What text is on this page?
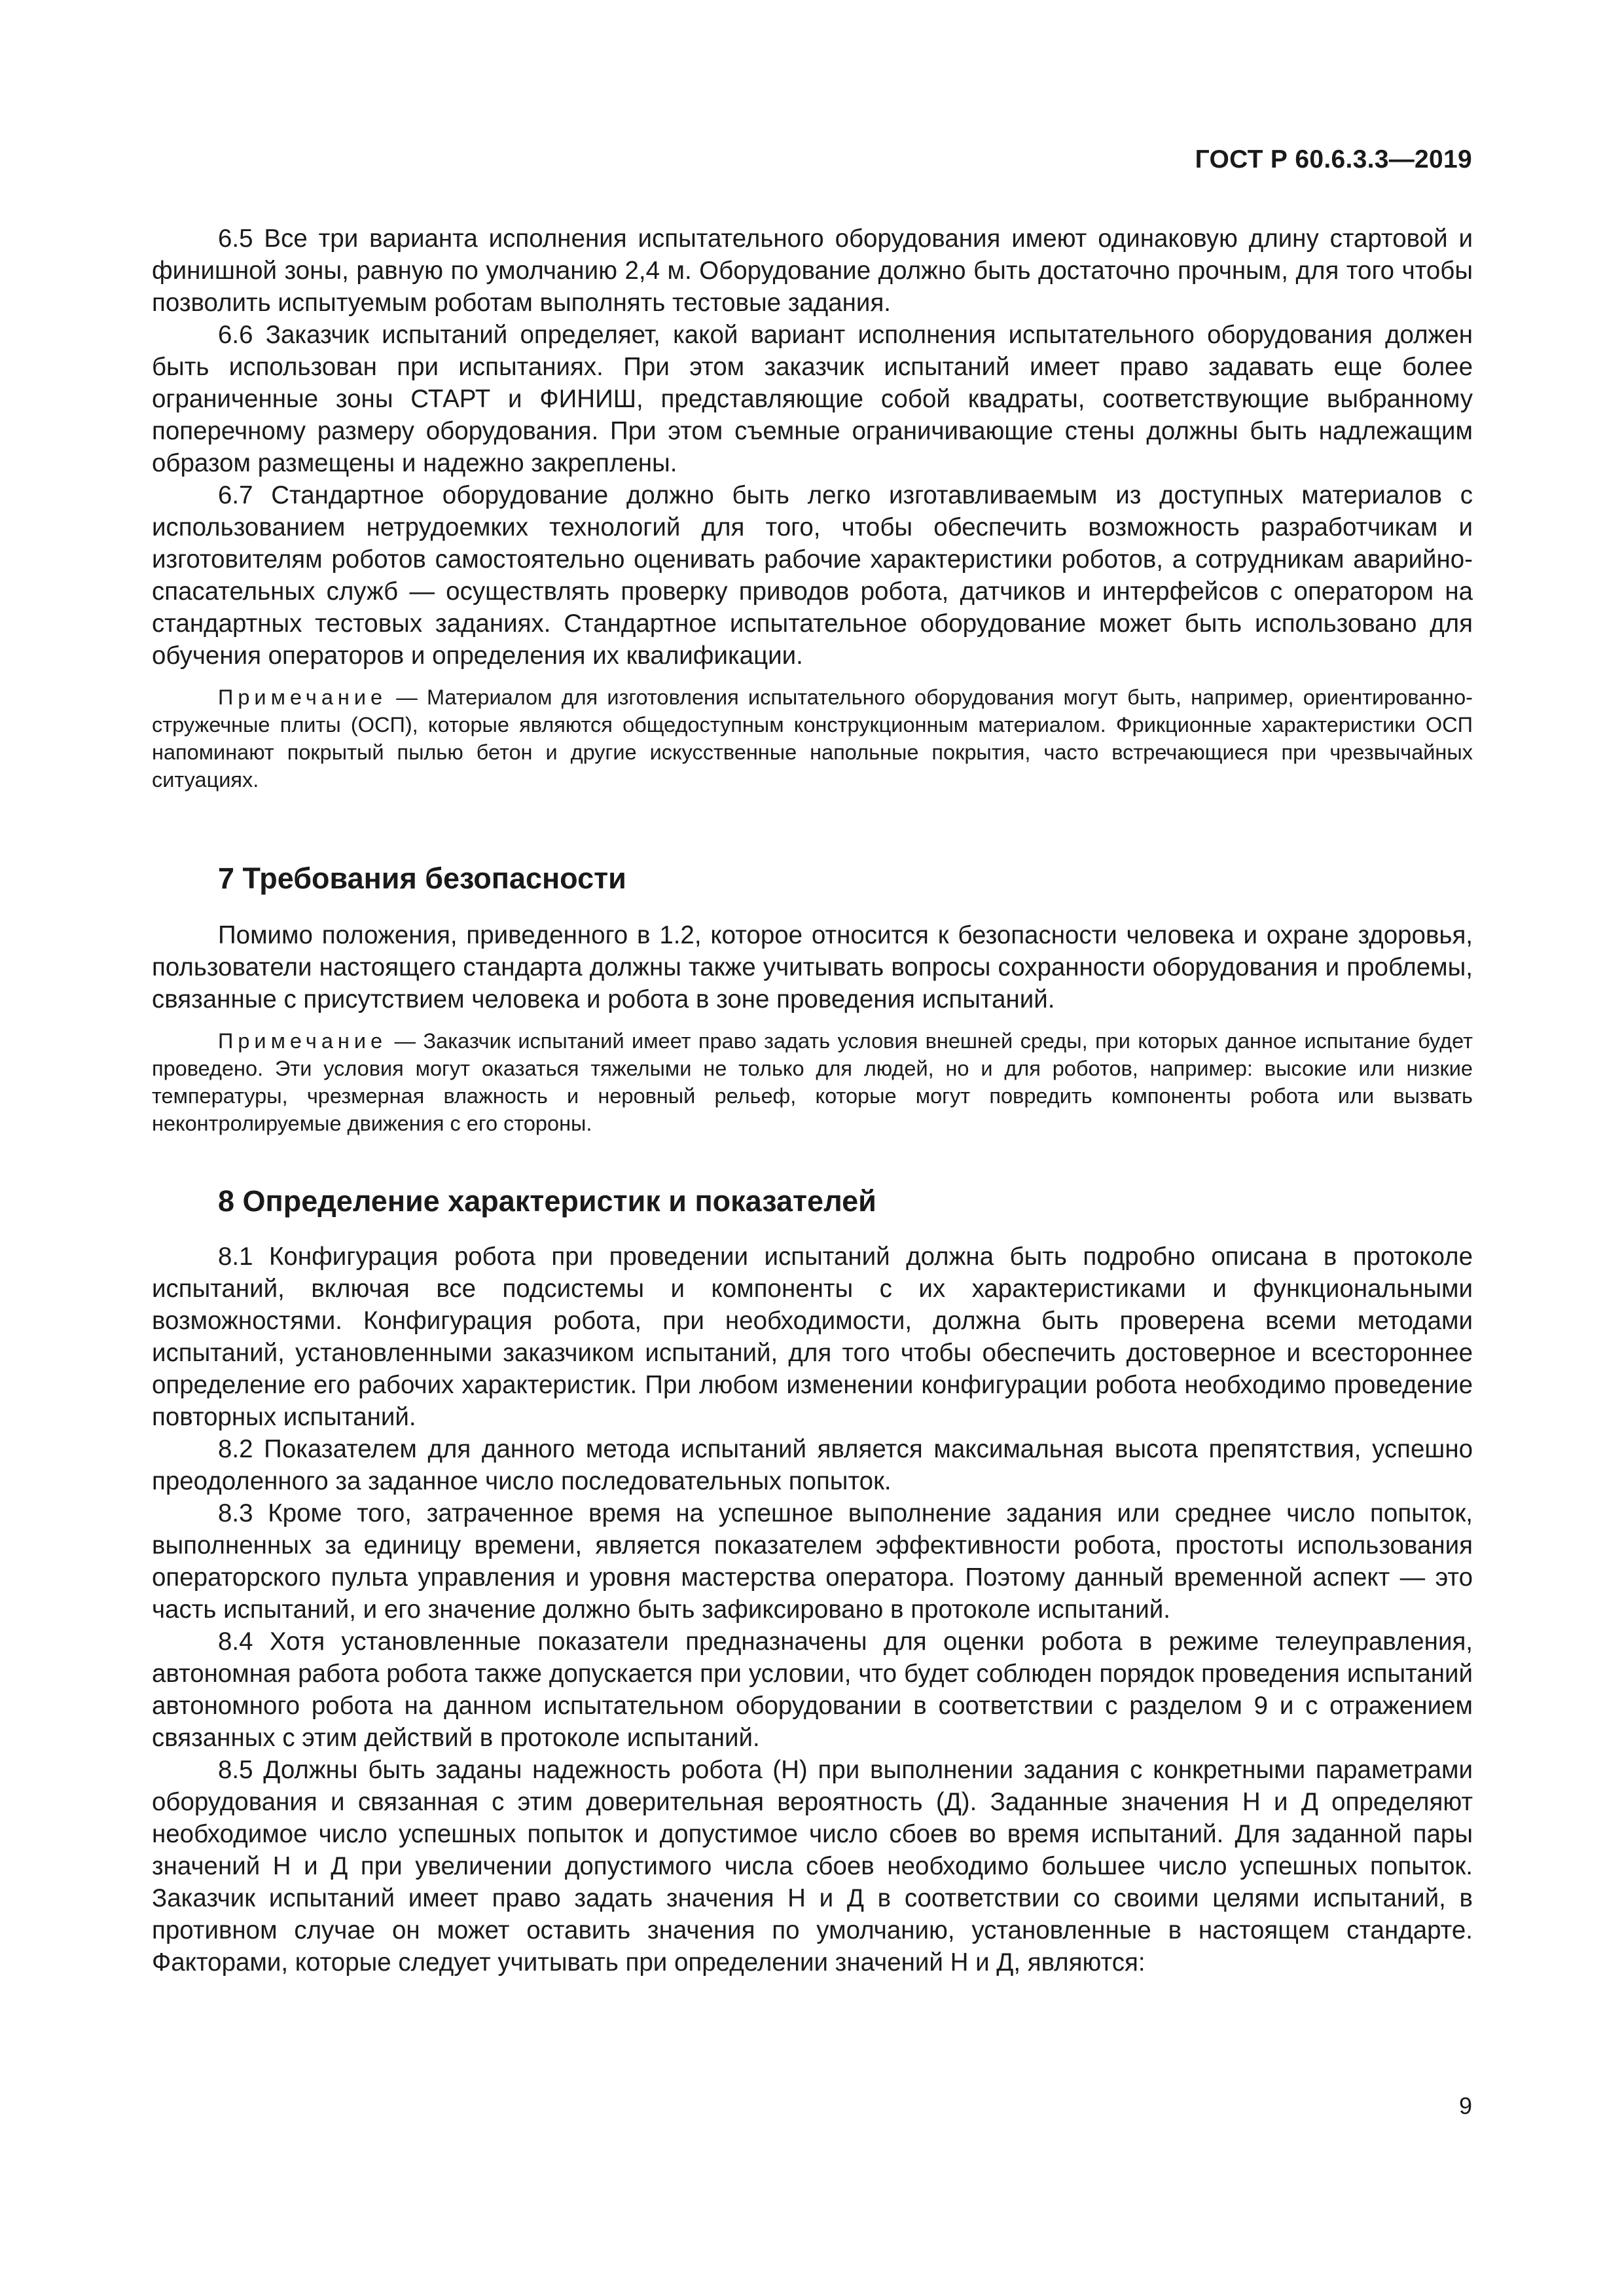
ГОСТ Р 60.6.3.3—2019

6.5 Все три варианта исполнения испытательного оборудования имеют одинаковую длину стартовой и финишной зоны, равную по умолчанию 2,4 м. Оборудование должно быть достаточно прочным, для того чтобы позволить испытуемым роботам выполнять тестовые задания.

6.6 Заказчик испытаний определяет, какой вариант исполнения испытательного оборудования должен быть использован при испытаниях. При этом заказчик испытаний имеет право задавать еще более ограниченные зоны СТАРТ и ФИНИШ, представляющие собой квадраты, соответствующие выбранному поперечному размеру оборудования. При этом съемные ограничивающие стены должны быть надлежащим образом размещены и надежно закреплены.

6.7 Стандартное оборудование должно быть легко изготавливаемым из доступных материалов с использованием нетрудоемких технологий для того, чтобы обеспечить возможность разработчикам и изготовителям роботов самостоятельно оценивать рабочие характеристики роботов, а сотрудникам аварийно-спасательных служб — осуществлять проверку приводов робота, датчиков и интерфейсов с оператором на стандартных тестовых заданиях. Стандартное испытательное оборудование может быть использовано для обучения операторов и определения их квалификации.

Примечание — Материалом для изготовления испытательного оборудования могут быть, например, ориентированно-стружечные плиты (ОСП), которые являются общедоступным конструкционным материалом. Фрикционные характеристики ОСП напоминают покрытый пылью бетон и другие искусственные напольные покрытия, часто встречающиеся при чрезвычайных ситуациях.

7 Требования безопасности

Помимо положения, приведенного в 1.2, которое относится к безопасности человека и охране здоровья, пользователи настоящего стандарта должны также учитывать вопросы сохранности оборудования и проблемы, связанные с присутствием человека и робота в зоне проведения испытаний.

Примечание — Заказчик испытаний имеет право задать условия внешней среды, при которых данное испытание будет проведено. Эти условия могут оказаться тяжелыми не только для людей, но и для роботов, например: высокие или низкие температуры, чрезмерная влажность и неровный рельеф, которые могут повредить компоненты робота или вызвать неконтролируемые движения с его стороны.

8 Определение характеристик и показателей

8.1 Конфигурация робота при проведении испытаний должна быть подробно описана в протоколе испытаний, включая все подсистемы и компоненты с их характеристиками и функциональными возможностями. Конфигурация робота, при необходимости, должна быть проверена всеми методами испытаний, установленными заказчиком испытаний, для того чтобы обеспечить достоверное и всестороннее определение его рабочих характеристик. При любом изменении конфигурации робота необходимо проведение повторных испытаний.

8.2 Показателем для данного метода испытаний является максимальная высота препятствия, успешно преодоленного за заданное число последовательных попыток.

8.3 Кроме того, затраченное время на успешное выполнение задания или среднее число попыток, выполненных за единицу времени, является показателем эффективности робота, простоты использования операторского пульта управления и уровня мастерства оператора. Поэтому данный временной аспект — это часть испытаний, и его значение должно быть зафиксировано в протоколе испытаний.

8.4 Хотя установленные показатели предназначены для оценки робота в режиме телеуправления, автономная работа робота также допускается при условии, что будет соблюден порядок проведения испытаний автономного робота на данном испытательном оборудовании в соответствии с разделом 9 и с отражением связанных с этим действий в протоколе испытаний.

8.5 Должны быть заданы надежность робота (Н) при выполнении задания с конкретными параметрами оборудования и связанная с этим доверительная вероятность (Д). Заданные значения Н и Д определяют необходимое число успешных попыток и допустимое число сбоев во время испытаний. Для заданной пары значений Н и Д при увеличении допустимого числа сбоев необходимо большее число успешных попыток. Заказчик испытаний имеет право задать значения Н и Д в соответствии со своими целями испытаний, в противном случае он может оставить значения по умолчанию, установленные в настоящем стандарте. Факторами, которые следует учитывать при определении значений Н и Д, являются:

9
